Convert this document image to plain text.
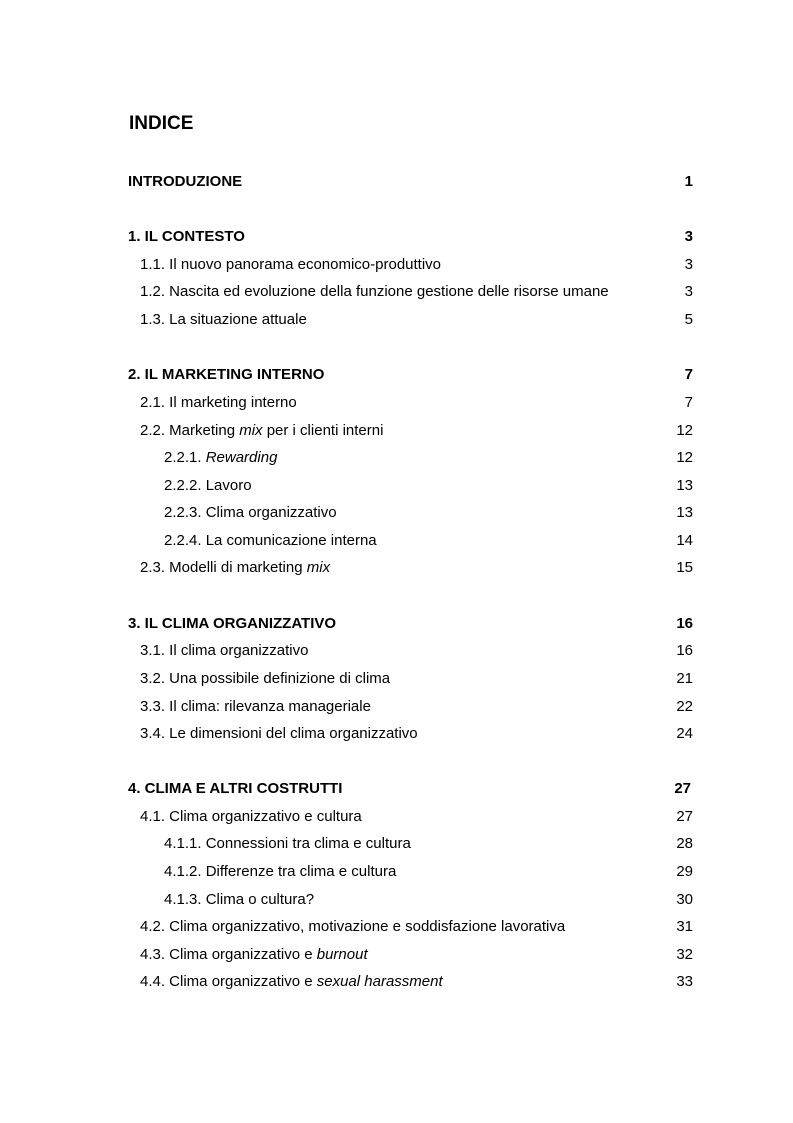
INDICE
INTRODUZIONE	1
1. IL CONTESTO	3
1.1. Il nuovo panorama economico-produttivo	3
1.2. Nascita ed evoluzione della funzione gestione delle risorse umane	3
1.3. La situazione attuale	5
2. IL MARKETING INTERNO	7
2.1. Il marketing interno	7
2.2. Marketing mix per i clienti interni	12
2.2.1. Rewarding	12
2.2.2. Lavoro	13
2.2.3. Clima organizzativo	13
2.2.4. La comunicazione interna	14
2.3. Modelli di marketing mix	15
3. IL CLIMA ORGANIZZATIVO	16
3.1. Il clima organizzativo	16
3.2. Una possibile definizione di clima	21
3.3. Il clima: rilevanza manageriale	22
3.4. Le dimensioni del clima organizzativo	24
4. CLIMA E ALTRI COSTRUTTI	27
4.1. Clima organizzativo e cultura	27
4.1.1. Connessioni tra clima e cultura	28
4.1.2. Differenze tra clima e cultura	29
4.1.3. Clima o cultura?	30
4.2. Clima organizzativo, motivazione e soddisfazione lavorativa	31
4.3. Clima organizzativo e burnout	32
4.4. Clima organizzativo e sexual harassment	33
